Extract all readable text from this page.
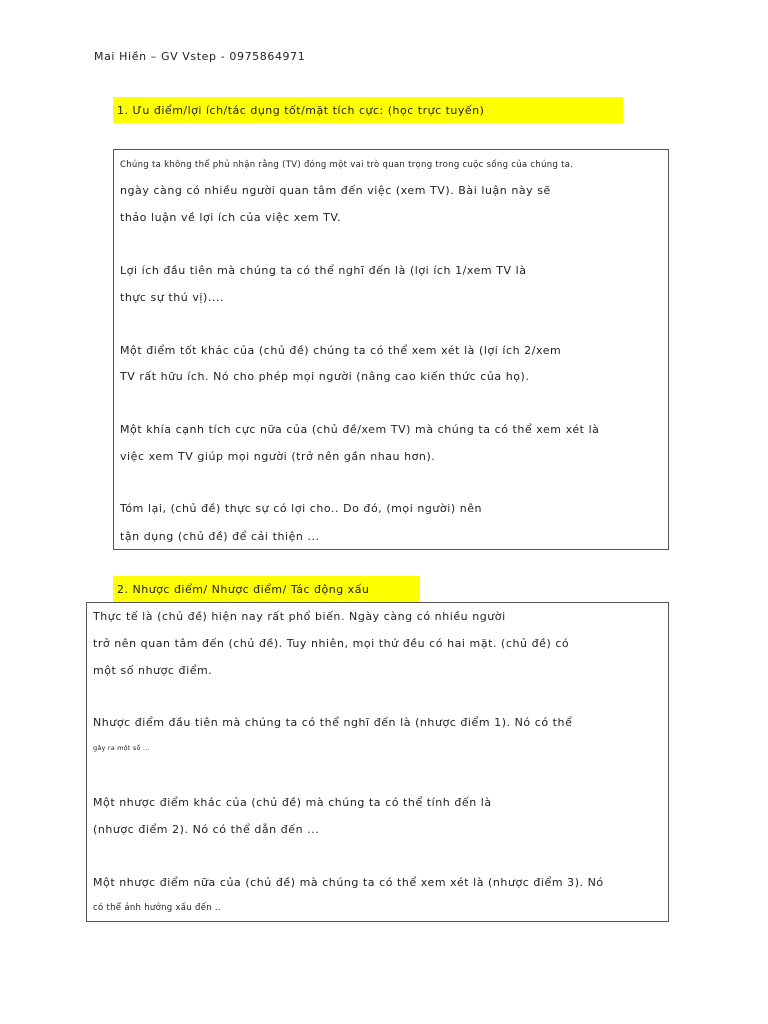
Mai Hiền – GV Vstep - 0975864971
1. Ưu điểm/lợi ích/tác dụng tốt/mặt tích cực: (học trực tuyến)
Chúng ta không thể phủ nhận rằng (TV) đóng một vai trò quan trọng trong cuộc sống của chúng ta.
ngày càng có nhiều người quan tâm đến việc (xem TV). Bài luận này sẽ
thảo luận về lợi ích của việc xem TV.
Lợi ích đầu tiên mà chúng ta có thể nghĩ đến là (lợi ích 1/xem TV là
thực sự thú vị)....
Một điểm tốt khác của (chủ đề) chúng ta có thể xem xét là (lợi ích 2/xem
TV rất hữu ích. Nó cho phép mọi người (nâng cao kiến thức của họ).
Một khía cạnh tích cực nữa của (chủ đề/xem TV) mà chúng ta có thể xem xét là
việc xem TV giúp mọi người (trở nên gần nhau hơn).
Tóm lại, (chủ đề) thực sự có lợi cho.. Do đó, (mọi người) nên
tận dụng (chủ đề) để cải thiện ...
2. Nhược điểm/ Nhược điểm/ Tác động xấu
Thực tế là (chủ đề) hiện nay rất phổ biến. Ngày càng có nhiều người
trở nên quan tâm đến (chủ đề). Tuy nhiên, mọi thứ đều có hai mặt. (chủ đề) có
một số nhược điểm.
Nhược điểm đầu tiên mà chúng ta có thể nghĩ đến là (nhược điểm 1). Nó có thể
gây ra một số ...
Một nhược điểm khác của (chủ đề) mà chúng ta có thể tính đến là
(nhược điểm 2). Nó có thể dẫn đến ...
Một nhược điểm nữa của (chủ đề) mà chúng ta có thể xem xét là (nhược điểm 3). Nó
có thể ảnh hưởng xấu đến ..
